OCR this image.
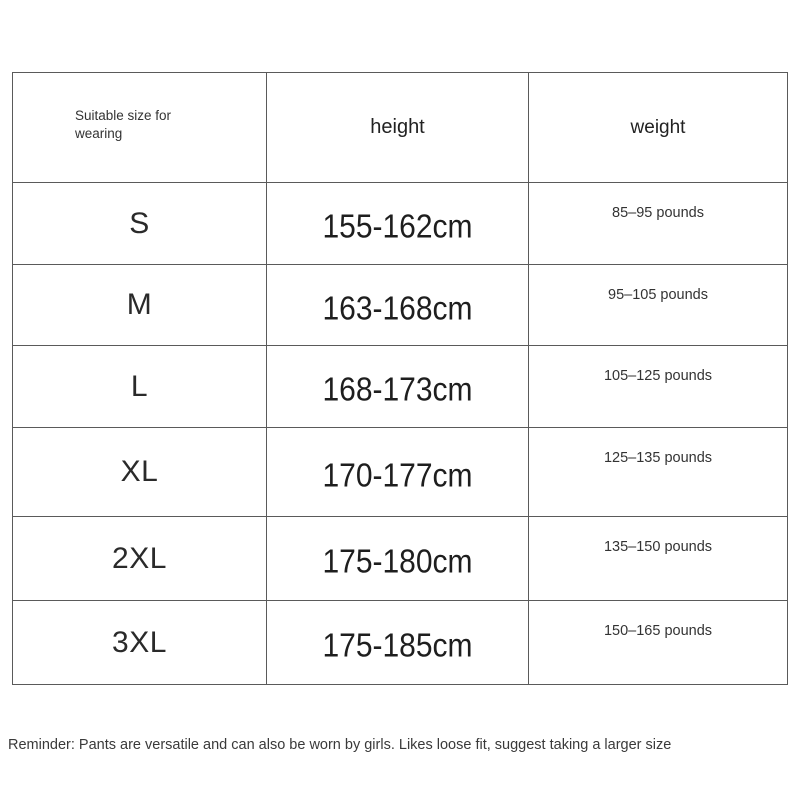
Suitable size for wearing	height	weight
S	155-162cm	85–95 pounds

M	163-168cm	95–105 pounds

L	168-173cm	105–125 pounds

XL	170-177cm	125–135 pounds

2XL	175-180cm	135–150 pounds

3XL	175-185cm	150–165 pounds
Reminder: Pants are versatile and can also be worn by girls. Likes loose fit, suggest taking a larger size
